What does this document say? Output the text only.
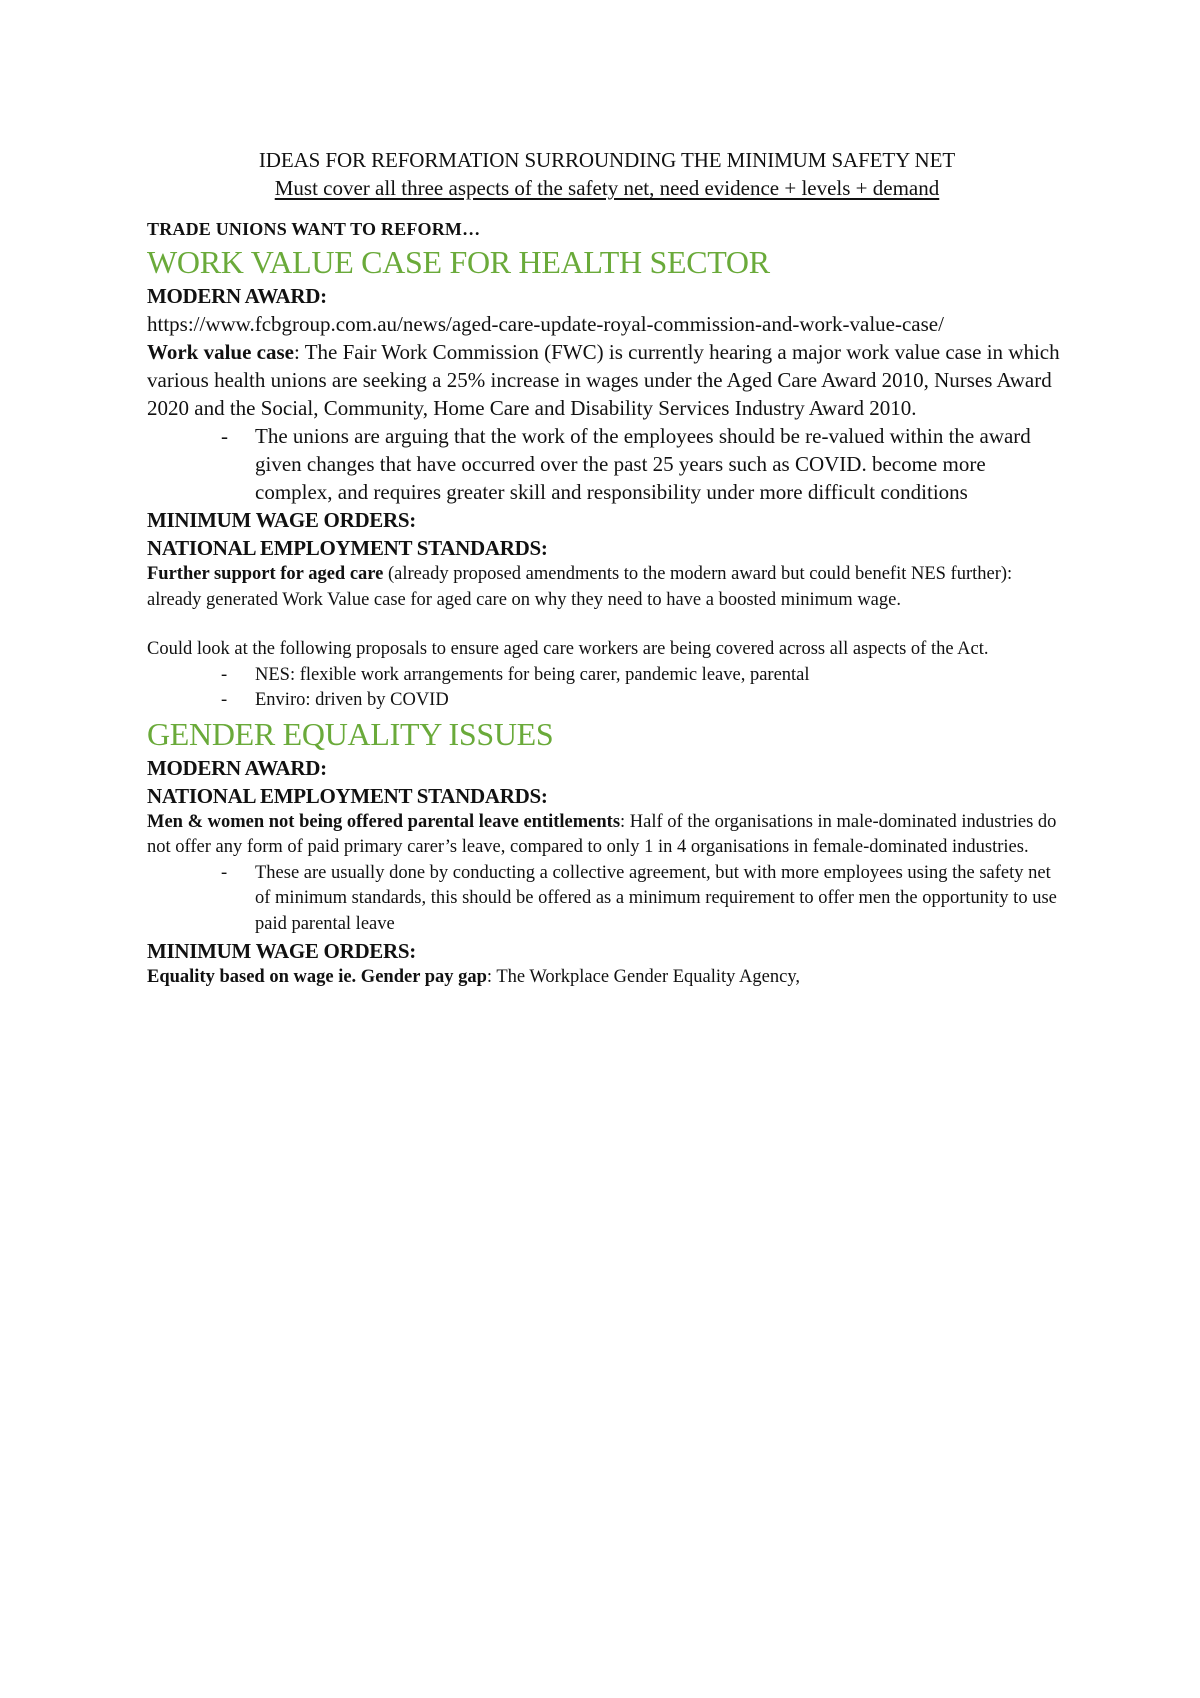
IDEAS FOR REFORMATION SURROUNDING THE MINIMUM SAFETY NET
Must cover all three aspects of the safety net, need evidence + levels + demand
TRADE UNIONS WANT TO REFORM…
WORK VALUE CASE FOR HEALTH SECTOR
MODERN AWARD:

https://www.fcbgroup.com.au/news/aged-care-update-royal-commission-and-work-value-case/

Work value case: The Fair Work Commission (FWC) is currently hearing a major work value case in which various health unions are seeking a 25% increase in wages under the Aged Care Award 2010, Nurses Award 2020 and the Social, Community, Home Care and Disability Services Industry Award 2010.

- The unions are arguing that the work of the employees should be re-valued within the award given changes that have occurred over the past 25 years such as COVID. become more complex, and requires greater skill and responsibility under more difficult conditions
MINIMUM WAGE ORDERS:
NATIONAL EMPLOYMENT STANDARDS:

Further support for aged care (already proposed amendments to the modern award but could benefit NES further): already generated Work Value case for aged care on why they need to have a boosted minimum wage.

Could look at the following proposals to ensure aged care workers are being covered across all aspects of the Act.

- NES: flexible work arrangements for being carer, pandemic leave, parental
- Enviro: driven by COVID
GENDER EQUALITY ISSUES
MODERN AWARD:
NATIONAL EMPLOYMENT STANDARDS:

Men & women not being offered parental leave entitlements: Half of the organisations in male-dominated industries do not offer any form of paid primary carer’s leave, compared to only 1 in 4 organisations in female-dominated industries.

- These are usually done by conducting a collective agreement, but with more employees using the safety net of minimum standards, this should be offered as a minimum requirement to offer men the opportunity to use paid parental leave
MINIMUM WAGE ORDERS:

Equality based on wage ie. Gender pay gap: The Workplace Gender Equality Agency,
